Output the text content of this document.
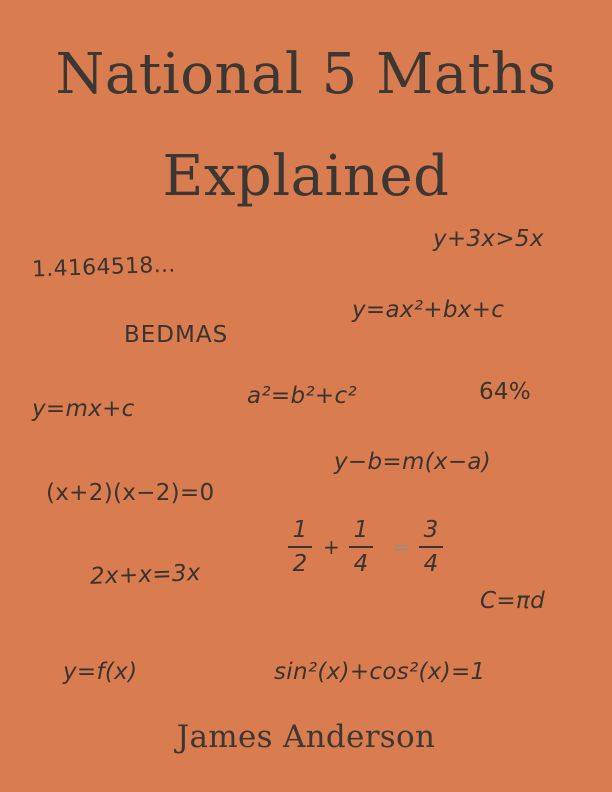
National 5 Maths
Explained
y+3x>5x
1.4164518...
y=ax²+bx+c
BEDMAS
y=mx+c	a²=b²+c²	64%
y−b=m(x−a)
(x+2)(x−2)=0
1
2
+
1
4
=
3
4
2x+x=3x
C=πd
y=f(x)	sin²(x)+cos²(x)=1
James Anderson
